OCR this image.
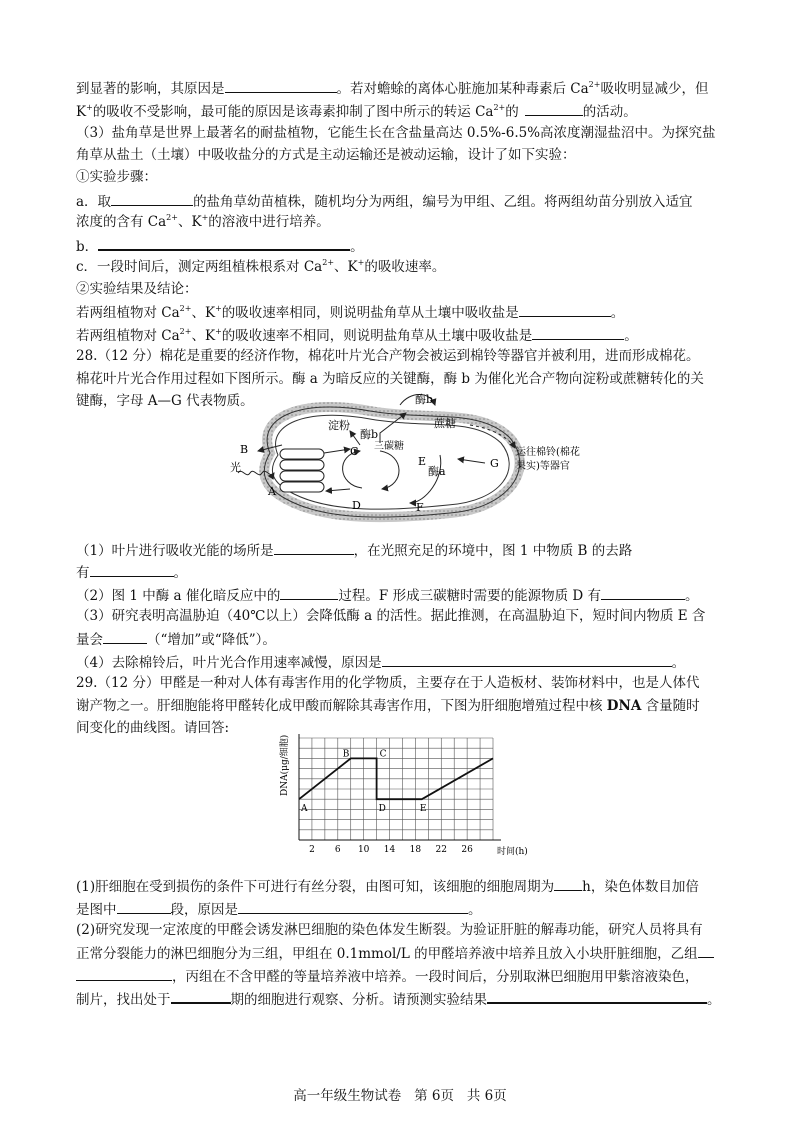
到显著的影响，其原因是	。若对蟾蜍的离体心脏施加某种毒素后 $Ca^{2+}$吸收明显减少，但
K+的吸收不受影响，最可能的原因是该毒素抑制了图中所示的转运 $Ca^{2+}$的	的活动。
（3）盐角草是世界上最著名的耐盐植物，它能生长在含盐量高达 0.5%-6.5%高浓度潮湿盐沼中。为探究盐
角草从盐土（土壤）中吸收盐分的方式是主动运输还是被动运输，设计了如下实验：
①实验步骤：
a．取	的盐角草幼苗植株，随机均分为两组，编号为甲组、乙组。将两组幼苗分别放入适宜
浓度的含有 $Ca^{2+}$、K+的溶液中进行培养。
b．	。
c．一段时间后，测定两组植株根系对 $Ca^{2+}$、K+的吸收速率。
②实验结果及结论：
若两组植物对 $Ca^{2+}$、K+的吸收速率相同，则说明盐角草从土壤中吸收盐是	。
若两组植物对 $Ca^{2+}$、K+的吸收速率不相同，则说明盐角草从土壤中吸收盐是	。
28.（12 分）棉花是重要的经济作物，棉花叶片光合产物会被运到棉铃等器官并被利用，进而形成棉花。
棉花叶片光合作用过程如下图所示。酶 a 为暗反应的关键酶，酶 b 为催化光合产物向淀粉或蔗糖转化的关
键酶，字母 A—G 代表物质。	酶b
蔗糖
淀粉
酶b
三 碳糖
运往棉铃(棉花
果实)等器官
光	酶a
B	C
A
D
E
F
G
（1）叶片进行吸收光能的场所是	，在光照充足的环境中，图 1 中物质 B 的去路
有	。
（2）图 1 中酶 a 催化暗反应中的	过程。F 形成三碳糖时需要的能源物质 D 有	。
（3）研究表明高温胁迫（40℃以上）会降低酶 a 的活性。据此推测，在高温胁迫下，短时间内物质 E 含
量会	（“增加”或“降低”）。
（4）去除棉铃后，叶片光合作用速率减慢，原因是	。
29.（12 分）甲醛是一种对人体有毒害作用的化学物质，主要存在于人造板材、装饰材料中，也是人体代
谢产物之一。肝细胞能将甲醛转化成甲酸而解除其毒害作用，下图为肝细胞增殖过程中核 DNA 含量随时
间变化的曲线图。请回答:
2 6 10 14 18 22 26
A
B	C
D	E
DNA(μg/细胞)
时间(h)
(1)肝细胞在受到损伤的条件下可进行有丝分裂，由图可知，该细胞的细胞周期为 h，染色体数目加倍
是图中	段，原因是	。
(2)研究发现一定浓度的甲醛会诱发淋巴细胞的染色体发生断裂。为验证肝脏的解毒功能，研究人员将具有
正常分裂能力的淋巴细胞分为三组，甲组在 0.1mmol/L 的甲醛培养液中培养且放入小块肝脏细胞，乙组
，丙组在不含甲醛的等量培养液中培养。一段时间后，分别取淋巴细胞用甲紫溶液染色，
制片，找出处于	期的细胞进行观察、分析。请预测实验结果	。
高一年级生物试卷 第 6页 共 6页
